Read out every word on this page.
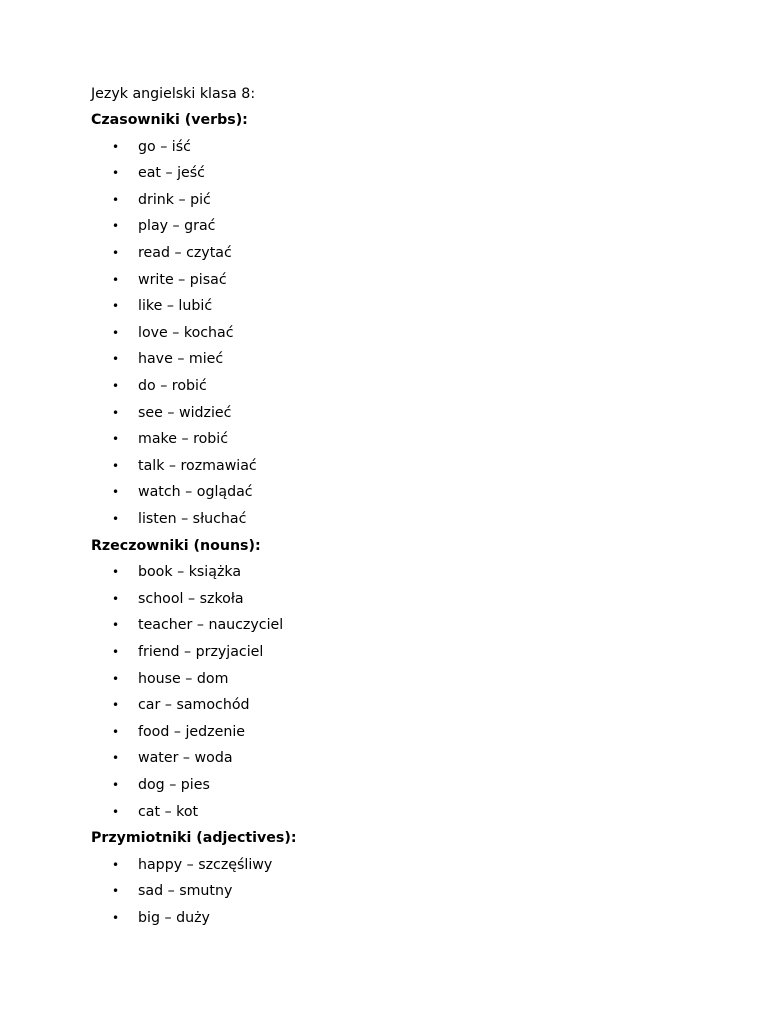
Jezyk angielski klasa 8:
Czasowniki (verbs):
• go – iść
• eat – jeść
• drink – pić
• play – grać
• read – czytać
• write – pisać
• like – lubić
• love – kochać
• have – mieć
• do – robić
• see – widzieć
• make – robić
• talk – rozmawiać
• watch – oglądać
• listen – słuchać
Rzeczowniki (nouns):
• book – książka
• school – szkoła
• teacher – nauczyciel
• friend – przyjaciel
• house – dom
• car – samochód
• food – jedzenie
• water – woda
• dog – pies
• cat – kot
Przymiotniki (adjectives):
• happy – szczęśliwy
• sad – smutny
• big – duży
